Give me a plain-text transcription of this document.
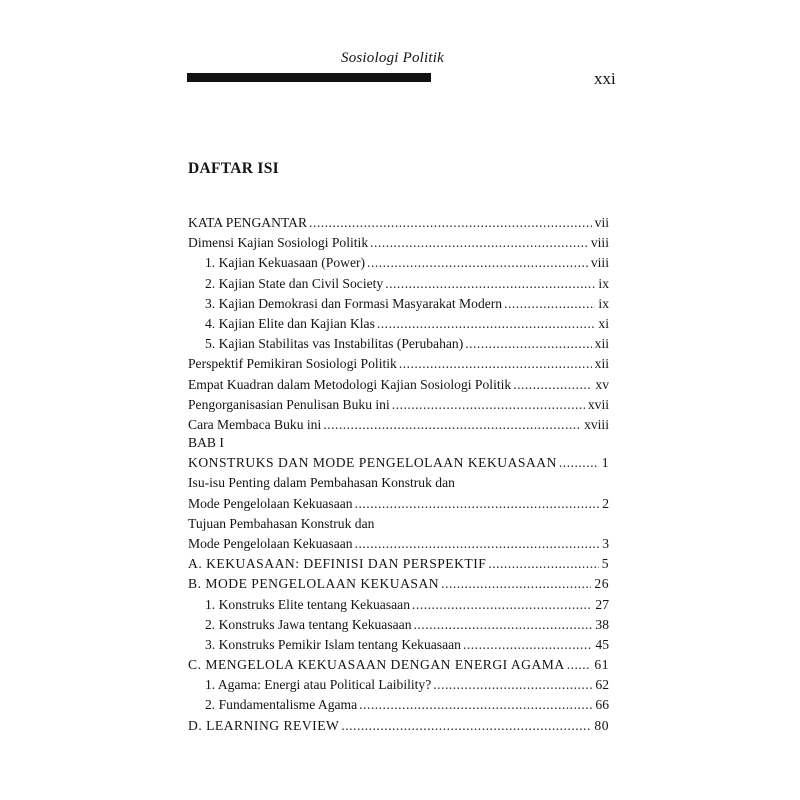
Sosiologi Politik
xxi
DAFTAR ISI
KATA PENGANTAR .....	vii
Dimensi Kajian Sosiologi Politik .....	viii
1. Kajian Kekuasaan (Power) .....	viii
2. Kajian State dan Civil Society .....	ix
3. Kajian Demokrasi dan Formasi Masyarakat Modern .....	ix
4. Kajian Elite dan Kajian Klas .....	xi
5. Kajian Stabilitas vas Instabilitas (Perubahan) .....	xii
Perspektif Pemikiran Sosiologi Politik .....	xii
Empat Kuadran dalam Metodologi Kajian Sosiologi Politik .....	xv
Pengorganisasian Penulisan Buku ini .....	xvii
Cara Membaca Buku ini .....	xviii
BAB I
KONSTRUKS DAN MODE PENGELOLAAN KEKUASAAN .....	1
Isu-isu Penting dalam Pembahasan Konstruk dan
Mode Pengelolaan Kekuasaan .....	2
Tujuan Pembahasan Konstruk dan
Mode Pengelolaan Kekuasaan .....	3
A. KEKUASAAN: DEFINISI DAN PERSPEKTIF .....	5
B. MODE PENGELOLAAN KEKUASAN .....	26
1. Konstruks Elite tentang Kekuasaan .....	27
2. Konstruks Jawa tentang Kekuasaan .....	38
3. Konstruks Pemikir Islam tentang Kekuasaan .....	45
C. MENGELOLA KEKUASAAN DENGAN ENERGI AGAMA ..... 61
1. Agama: Energi atau Political Laibility? .....	62
2. Fundamentalisme Agama .....	66
D. LEARNING REVIEW .....	80
